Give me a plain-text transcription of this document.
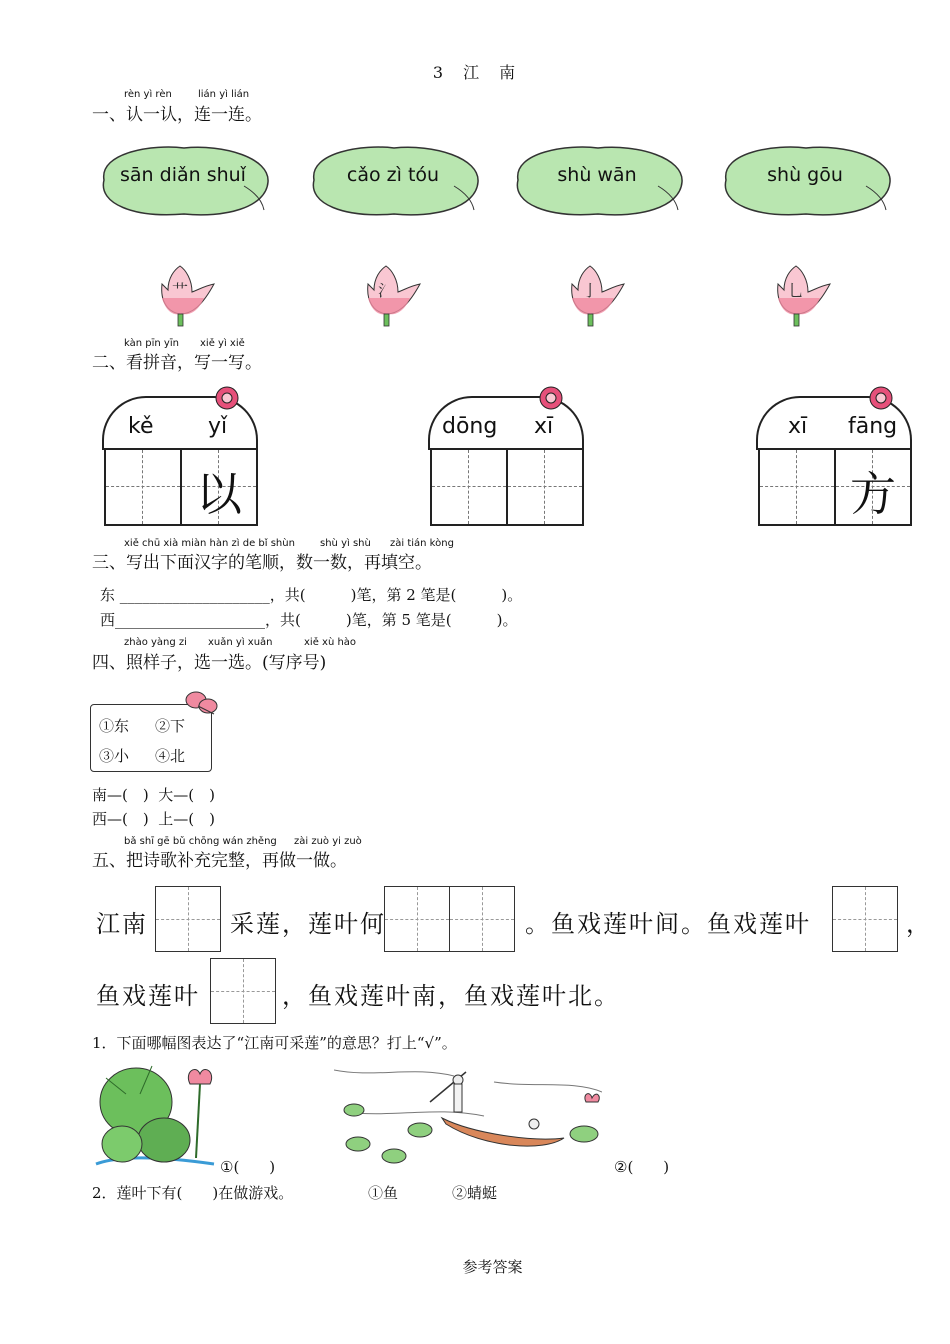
3　江　南
rèn yì rèn	lián yì lián
一、认一认，连一连。
sān diǎn shuǐ	cǎo zì tóu	shù wān	shù gōu
艹	氵	亅	乚
kàn pīn yīn xiě yì xiě
二、看拼音，写一写。
kě yǐ
以
dōng xī	xī fāng
方
xiě chū xià miàn hàn zì de bǐ shùn	shù yì shù zài tián kòng
三、写出下面汉字的笔顺，数一数，再填空。
东 ____________________，共(　　　)笔，第 2 笔是(　　　)。
西____________________，共(　　　)笔，第 5 笔是(　　　)。
zhào yàng zi xuǎn yì xuǎn	xiě xù hào
四、照样子，选一选。(写序号)
①东 ②下
③小 ④北
南—(　)  大—(　)
西—(　)  上—(　)
bǎ shī gē bǔ chōng wán zhěng zài zuò yi zuò
五、把诗歌补充完整，再做一做。
江南	采莲，莲叶何	。鱼戏莲叶间。鱼戏莲叶	，
鱼戏莲叶	，鱼戏莲叶南，鱼戏莲叶北。
1．下面哪幅图表达了“江南可采莲”的意思？打上“√”。
①(　　)	②(　　)
2．莲叶下有(　　)在做游戏。	①鱼	②蜻蜓
参考答案
